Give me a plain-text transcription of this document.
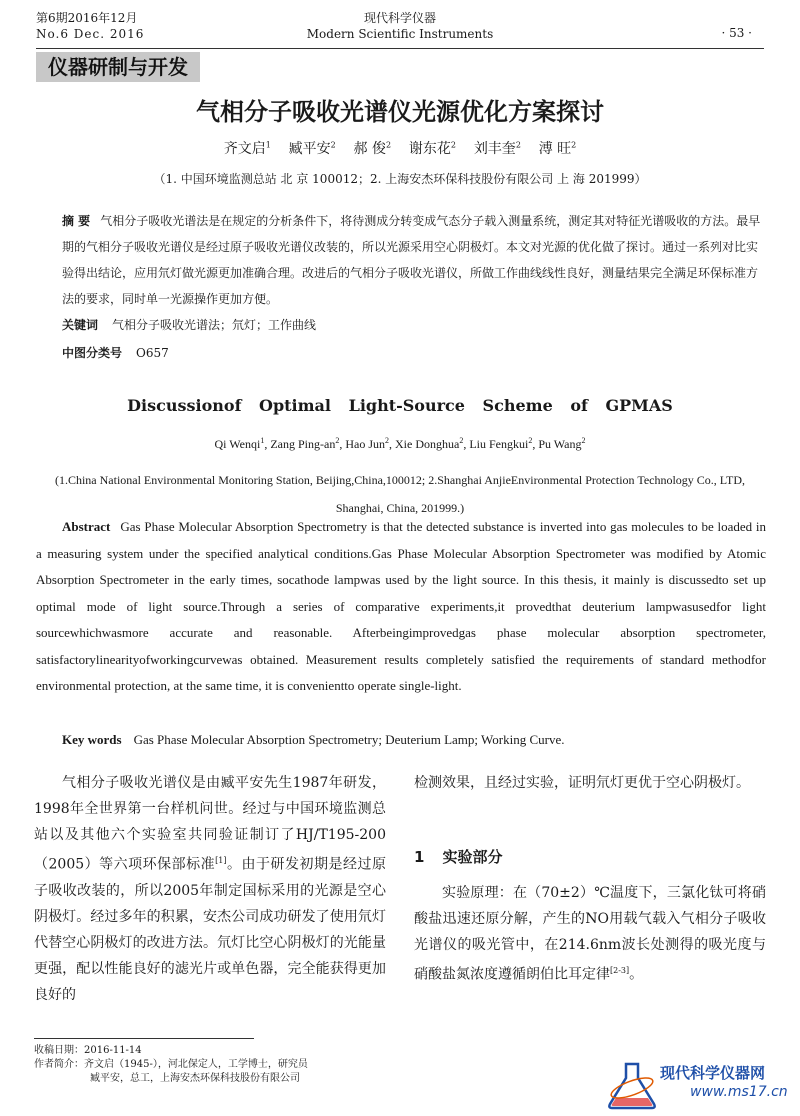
第6期2016年12月
No.6 Dec. 2016
现代科学仪器
Modern Scientific Instruments	· 53 ·
仪器研制与开发
气相分子吸收光谱仪光源优化方案探讨
齐文启$^1$ 臧平安$^2$ 郝 俊$^2$ 谢东花$^2$ 刘丰奎$^2$ 溥 旺$^2$
（1. 中国环境监测总站 北 京 100012；2. 上海安杰环保科技股份有限公司 上 海 201999）
摘 要 气相分子吸收光谱法是在规定的分析条件下，将待测成分转变成气态分子载入测量系统，测定其对特征光谱吸收的方法。最早期的气相分子吸收光谱仪是经过原子吸收光谱仪改装的，所以光源采用空心阴极灯。本文对光源的优化做了探讨。通过一系列对比实验得出结论，应用氘灯做光源更加准确合理。改进后的气相分子吸收光谱仪，所做工作曲线线性良好，测量结果完全满足环保标准方法的要求，同时单一光源操作更加方便。
关键词 气相分子吸收光谱法；氘灯；工作曲线
中图分类号 O657
Discussionof Optimal Light-Source Scheme of GPMAS
Qi Wenqi$^1$, Zang Ping-$an^2$, Hao Jun$^2$, Xie Donghua$^2$, Liu Fengkui$^2$, Pu Wang$^2$
(1.China National Environmental Monitoring Station, Beijing,China,100012; 2.Shanghai AnjieEnvironmental Protection Technology Co., LTD, Shanghai, China, 201999.)
Abstract Gas Phase Molecular Absorption Spectrometry is that the detected substance is inverted into gas molecules to be loaded in a measuring system under the specified analytical conditions.Gas Phase Molecular Absorption Spectrometer was modified by Atomic Absorption Spectrometer in the early times, socathode lampwas used by the light source. In this thesis, it mainly is discussedto set up optimal mode of light source.Through a series of comparative experiments,it provedthat deuterium lampwasusedfor light sourcewhichwasmore accurate and reasonable. Afterbeingimprovedgas phase molecular absorption spectrometer, satisfactorylinearityofworkingcurvewas obtained. Measurement results completely satisfied the requirements of standard methodfor environmental protection, at the same time, it is convenientto operate single-light.
Key words Gas Phase Molecular Absorption Spectrometry; Deuterium Lamp; Working Curve.
气相分子吸收光谱仪是由臧平安先生1987年研发，1998年全世界第一台样机问世。经过与中国环境监测总站以及其他六个实验室共同验证制订了HJ/T195-200（2005）等六项环保部标准[1]。由于研发初期是经过原子吸收改装的，所以2005年制定国标采用的光源是空心阴极灯。经过多年的积累，安杰公司成功研发了使用氘灯代替空心阴极灯的改进方法。氘灯比空心阴极灯的光能量更强，配以性能良好的滤光片或单色器，完全能获得更加良好的
检测效果，且经过实验，证明氘灯更优于空心阴极灯。
1 实验部分
实验原理：在（70±2）℃温度下，三氯化钛可将硝酸盐迅速还原分解，产生的NO用载气载入气相分子吸收光谱仪的吸光管中，在214.6nm波长处测得的吸光度与硝酸盐氮浓度遵循朗伯比耳定律[2-3]。
收稿日期：2016-11-14
作者简介：齐文启（1945-），河北保定人，工学博士，研究员
臧平安，总工，上海安杰环保科技股份有限公司	现代科学仪器网
www.ms17.cn
